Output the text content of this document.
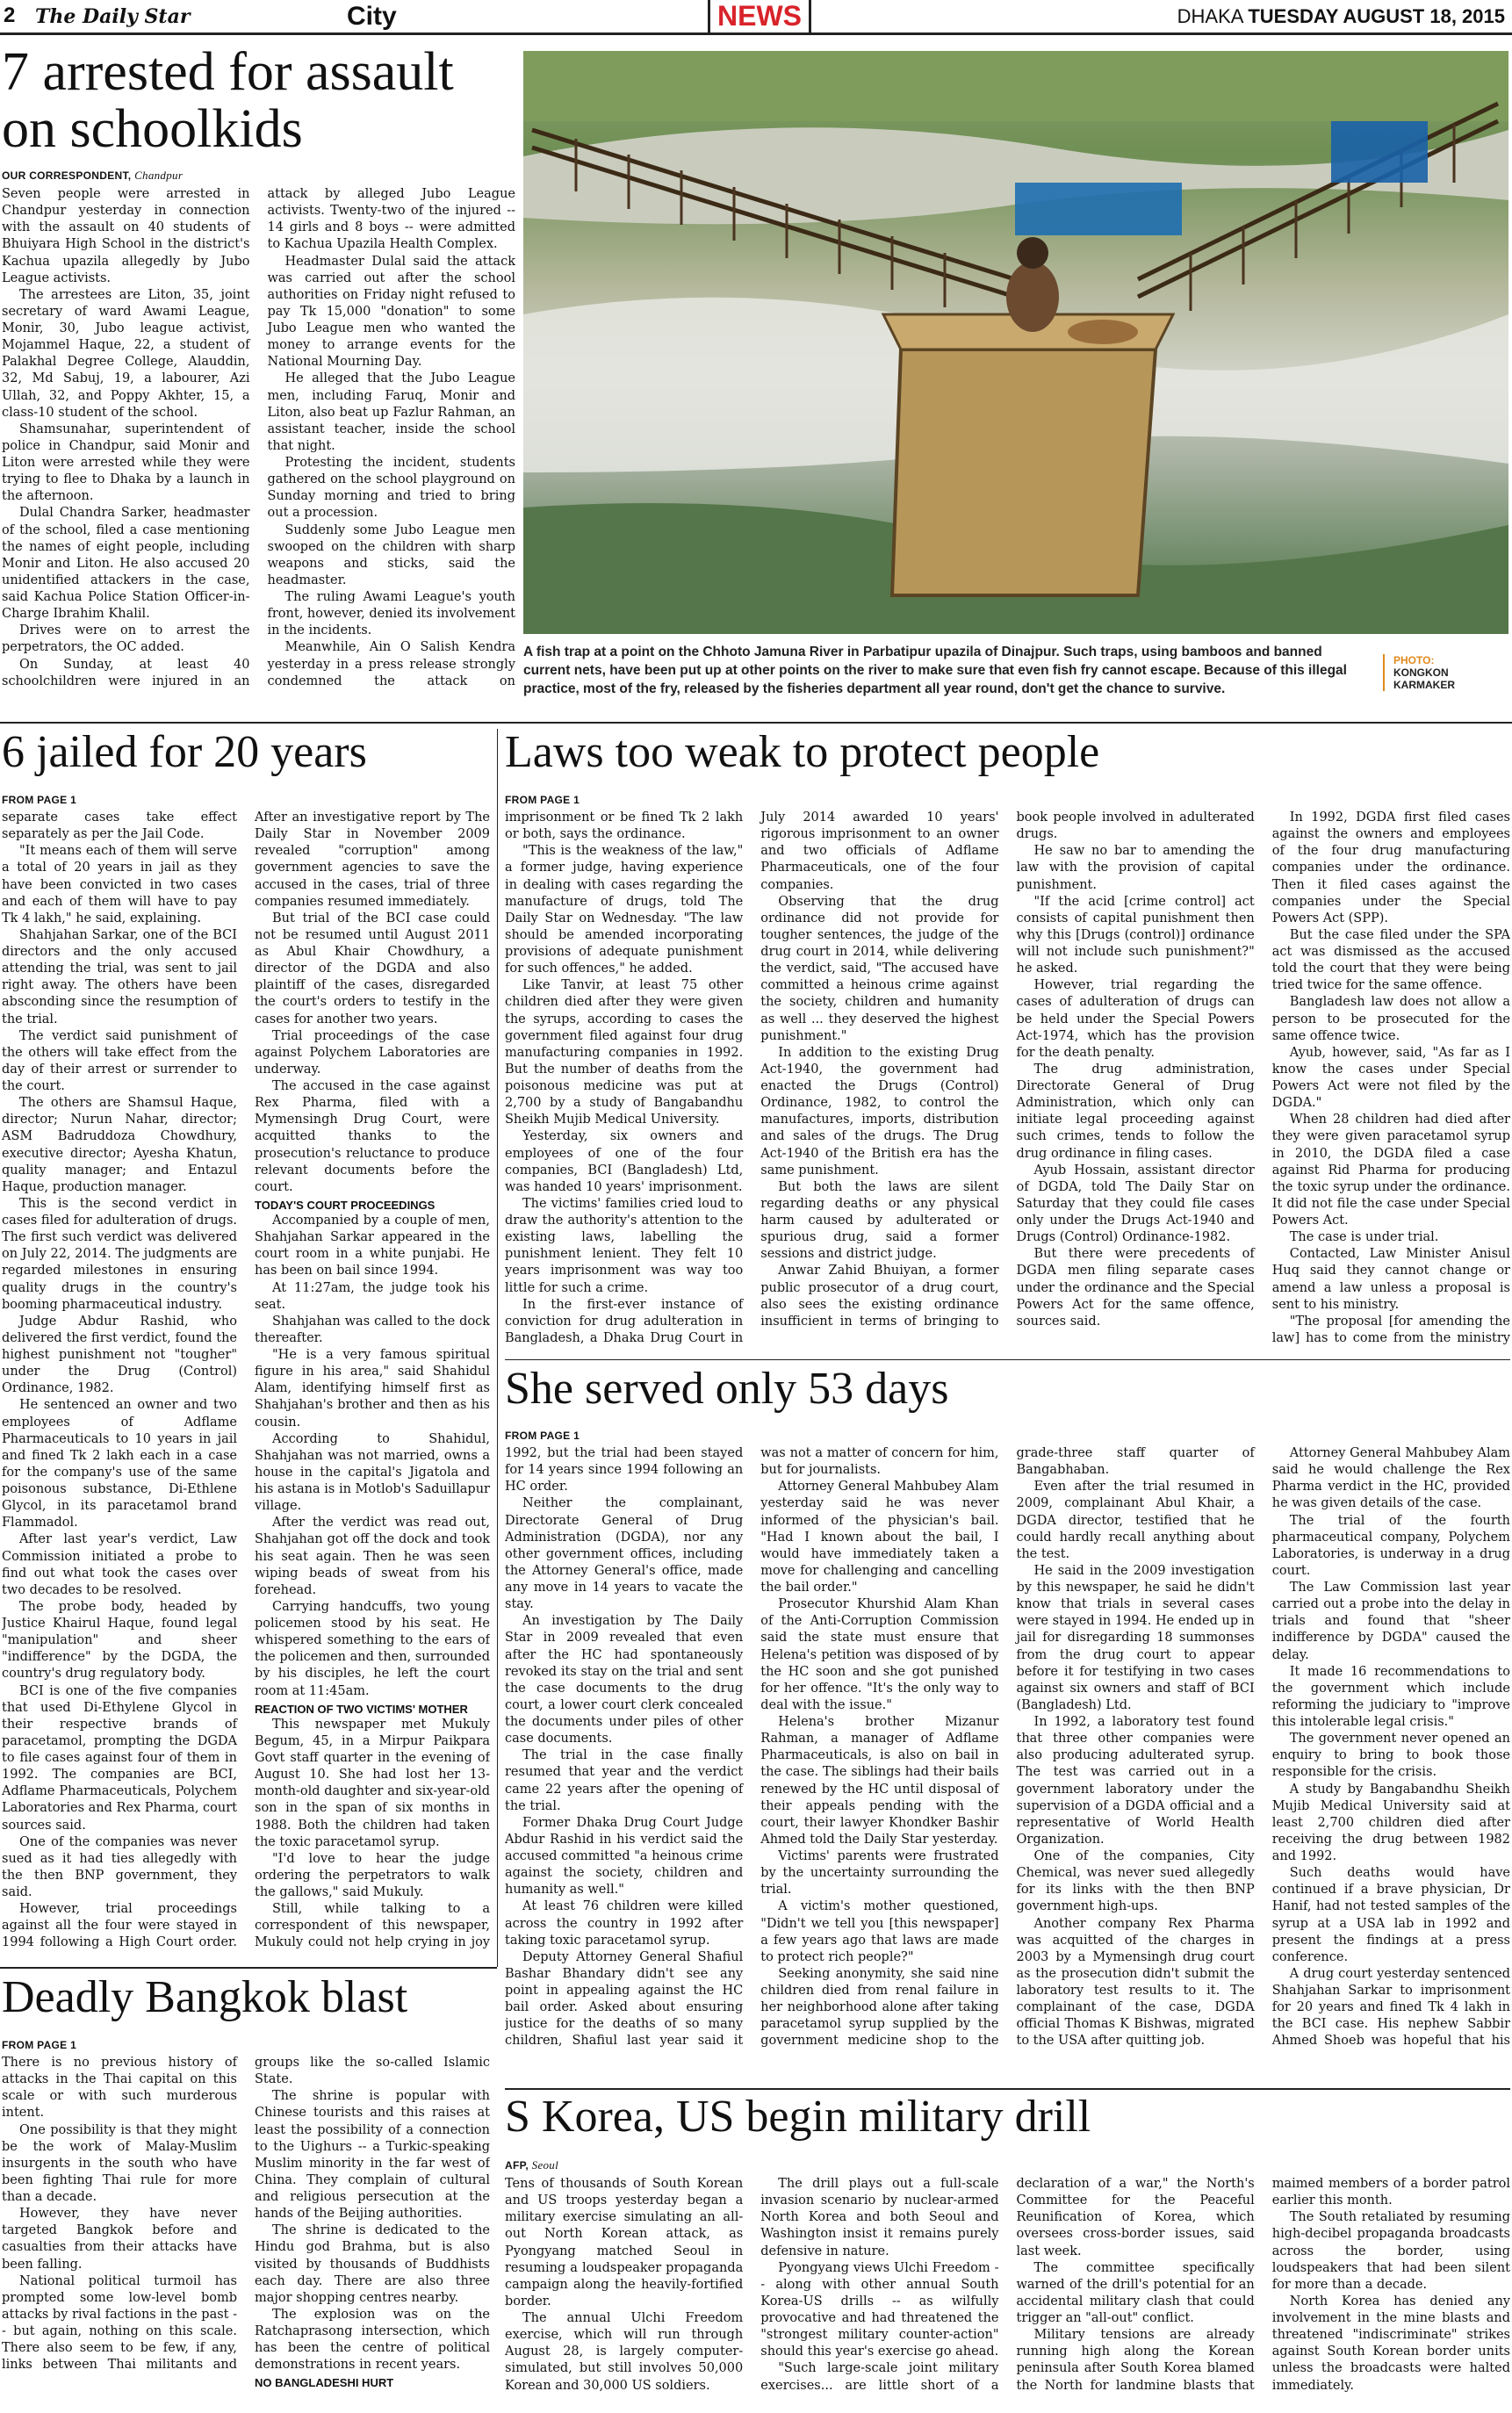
2 The Daily Star	City	NEWS	DHAKA TUESDAY AUGUST 18, 2015
7 arrested for assault on schoolkids
OUR CORRESPONDENT, Chandpur

Seven people were arrested in Chandpur yesterday in connection with the assault on 40 students of Bhuiyara High School in the district's Kachua upazila allegedly by Jubo League activists.

The arrestees are Liton, 35, joint secretary of ward Awami League, Monir, 30, Jubo league activist, Mojammel Haque, 22, a student of Palakhal Degree College, Alauddin, 32, Md Sabuj, 19, a labourer, Azi Ullah, 32, and Poppy Akhter, 15, a class-10 student of the school.

Shamsunahar, superintendent of police in Chandpur, said Monir and Liton were arrested while they were trying to flee to Dhaka by a launch in the afternoon.

Dulal Chandra Sarker, headmaster of the school, filed a case mentioning the names of eight people, including Monir and Liton. He also accused 20 unidentified attackers in the case, said Kachua Police Station Officer-in-Charge Ibrahim Khalil.

Drives were on to arrest the perpetrators, the OC added.

On Sunday, at least 40 schoolchildren were injured in an attack by alleged Jubo League activists. Twenty-two of the injured -- 14 girls and 8 boys -- were admitted to Kachua Upazila Health Complex.

Headmaster Dulal said the attack was carried out after the school authorities on Friday night refused to pay Tk 15,000 "donation" to some Jubo League men who wanted the money to arrange events for the National Mourning Day.

He alleged that the Jubo League men, including Faruq, Monir and Liton, also beat up Fazlur Rahman, an assistant teacher, inside the school that night.

Protesting the incident, students gathered on the school playground on Sunday morning and tried to bring out a procession.

Suddenly some Jubo League men swooped on the children with sharp weapons and sticks, said the headmaster.

The ruling Awami League's youth front, however, denied its involvement in the incidents.

Meanwhile, Ain O Salish Kendra yesterday in a press release strongly condemned the attack on

A fish trap at a point on the Chhoto Jamuna River in Parbatipur upazila of Dinajpur. Such traps, using bamboos and banned current nets, have been put up at other points on the river to make sure that even fish fry cannot escape. Because of this illegal practice, most of the fry, released by the fisheries department all year round, don't get the chance to survive.
PHOTO:
KONGKON KARMAKER
6 jailed for 20 years
FROM PAGE 1

separate cases take effect separately as per the Jail Code.

"It means each of them will serve a total of 20 years in jail as they have been convicted in two cases and each of them will have to pay Tk 4 lakh," he said, explaining.

Shahjahan Sarkar, one of the BCI directors and the only accused attending the trial, was sent to jail right away. The others have been absconding since the resumption of the trial.

The verdict said punishment of the others will take effect from the day of their arrest or surrender to the court.

The others are Shamsul Haque, director; Nurun Nahar, director; ASM Badruddoza Chowdhury, executive director; Ayesha Khatun, quality manager; and Entazul Haque, production manager.

This is the second verdict in cases filed for adulteration of drugs. The first such verdict was delivered on July 22, 2014. The judgments are regarded milestones in ensuring quality drugs in the country's booming pharmaceutical industry.

Judge Abdur Rashid, who delivered the first verdict, found the highest punishment not "tougher" under the Drug (Control) Ordinance, 1982.

He sentenced an owner and two employees of Adflame Pharmaceuticals to 10 years in jail and fined Tk 2 lakh each in a case for the company's use of the same poisonous substance, Di-Ethlene Glycol, in its paracetamol brand Flammadol.

After last year's verdict, Law Commission initiated a probe to find out what took the cases over two decades to be resolved.

The probe body, headed by Justice Khairul Haque, found legal "manipulation" and sheer "indifference" by the DGDA, the country's drug regulatory body.

BCI is one of the five companies that used Di-Ethylene Glycol in their respective brands of paracetamol, prompting the DGDA to file cases against four of them in 1992. The companies are BCI, Adflame Pharmaceuticals, Polychem Laboratories and Rex Pharma, court sources said.

One of the companies was never sued as it had ties allegedly with the then BNP government, they said.

However, trial proceedings against all the four were stayed in 1994 following a High Court order. After an investigative report by The Daily Star in November 2009 revealed "corruption" among government agencies to save the accused in the cases, trial of three companies resumed immediately.

But trial of the BCI case could not be resumed until August 2011 as Abul Khair Chowdhury, a director of the DGDA and also plaintiff of the cases, disregarded the court's orders to testify in the cases for another two years.

Trial proceedings of the case against Polychem Laboratories are underway.

The accused in the case against Rex Pharma, filed with a Mymensingh Drug Court, were acquitted thanks to the prosecution's reluctance to produce relevant documents before the court.

TODAY'S COURT PROCEEDINGS

Accompanied by a couple of men, Shahjahan Sarkar appeared in the court room in a white punjabi. He has been on bail since 1994.

At 11:27am, the judge took his seat.

Shahjahan was called to the dock thereafter.

"He is a very famous spiritual figure in his area," said Shahidul Alam, identifying himself first as Shahjahan's brother and then as his cousin.

According to Shahidul, Shahjahan was not married, owns a house in the capital's Jigatola and his astana is in Motlob's Saduillapur village.

After the verdict was read out, Shahjahan got off the dock and took his seat again. Then he was seen wiping beads of sweat from his forehead.

Carrying handcuffs, two young policemen stood by his seat. He whispered something to the ears of the policemen and then, surrounded by his disciples, he left the court room at 11:45am.

REACTION OF TWO VICTIMS' MOTHER

This newspaper met Mukuly Begum, 45, in a Mirpur Paikpara Govt staff quarter in the evening of August 10. She had lost her 13-month-old daughter and six-year-old son in the span of six months in 1988. Both the children had taken the toxic paracetamol syrup.

"I'd love to hear the judge ordering the perpetrators to walk the gallows," said Mukuly.

Still, while talking to a correspondent of this newspaper, Mukuly could not help crying in joy

Laws too weak to protect people
FROM PAGE 1

imprisonment or be fined Tk 2 lakh or both, says the ordinance.

"This is the weakness of the law," a former judge, having experience in dealing with cases regarding the manufacture of drugs, told The Daily Star on Wednesday. "The law should be amended incorporating provisions of adequate punishment for such offences," he added.

Like Tanvir, at least 75 other children died after they were given the syrups, according to cases the government filed against four drug manufacturing companies in 1992. But the number of deaths from the poisonous medicine was put at 2,700 by a study of Bangabandhu Sheikh Mujib Medical University.

Yesterday, six owners and employees of one of the four companies, BCI (Bangladesh) Ltd, was handed 10 years' imprisonment.

The victims' families cried loud to draw the authority's attention to the existing laws, labelling the punishment lenient. They felt 10 years imprisonment was way too little for such a crime.

In the first-ever instance of conviction for drug adulteration in Bangladesh, a Dhaka Drug Court in July 2014 awarded 10 years' rigorous imprisonment to an owner and two officials of Adflame Pharmaceuticals, one of the four companies.

Observing that the drug ordinance did not provide for tougher sentences, the judge of the drug court in 2014, while delivering the verdict, said, "The accused have committed a heinous crime against the society, children and humanity as well ... they deserved the highest punishment."

In addition to the existing Drug Act-1940, the government had enacted the Drugs (Control) Ordinance, 1982, to control the manufactures, imports, distribution and sales of the drugs. The Drug Act-1940 of the British era has the same punishment.

But both the laws are silent regarding deaths or any physical harm caused by adulterated or spurious drug, said a former sessions and district judge.

Anwar Zahid Bhuiyan, a former public prosecutor of a drug court, also sees the existing ordinance insufficient in terms of bringing to book people involved in adulterated drugs.

He saw no bar to amending the law with the provision of capital punishment.

"If the acid [crime control] act consists of capital punishment then why this [Drugs (control)] ordinance will not include such punishment?" he asked.

However, trial regarding the cases of adulteration of drugs can be held under the Special Powers Act-1974, which has the provision for the death penalty.

The drug administration, Directorate General of Drug Administration, which only can initiate legal proceeding against such crimes, tends to follow the drug ordinance in filing cases.

Ayub Hossain, assistant director of DGDA, told The Daily Star on Saturday that they could file cases only under the Drugs Act-1940 and Drugs (Control) Ordinance-1982.

But there were precedents of DGDA men filing separate cases under the ordinance and the Special Powers Act for the same offence, sources said.

In 1992, DGDA first filed cases against the owners and employees of the four drug manufacturing companies under the ordinance. Then it filed cases against the companies under the Special Powers Act (SPP).

But the case filed under the SPA act was dismissed as the accused told the court that they were being tried twice for the same offence.

Bangladesh law does not allow a person to be prosecuted for the same offence twice.

Ayub, however, said, "As far as I know the cases under Special Powers Act were not filed by the DGDA."

When 28 children had died after they were given paracetamol syrup in 2010, the DGDA filed a case against Rid Pharma for producing the toxic syrup under the ordinance. It did not file the case under Special Powers Act.

The case is under trial.

Contacted, Law Minister Anisul Huq said they cannot change or amend a law unless a proposal is sent to his ministry.

"The proposal [for amending the law] has to come from the ministry

She served only 53 days
FROM PAGE 1

1992, but the trial had been stayed for 14 years since 1994 following an HC order.

Neither the complainant, Directorate General of Drug Administration (DGDA), nor any other government offices, including the Attorney General's office, made any move in 14 years to vacate the stay.

An investigation by The Daily Star in 2009 revealed that even after the HC had spontaneously revoked its stay on the trial and sent the case documents to the drug court, a lower court clerk concealed the documents under piles of other case documents.

The trial in the case finally resumed that year and the verdict came 22 years after the opening of the trial.

Former Dhaka Drug Court Judge Abdur Rashid in his verdict said the accused committed "a heinous crime against the society, children and humanity as well."

At least 76 children were killed across the country in 1992 after taking toxic paracetamol syrup.

Deputy Attorney General Shafiul Bashar Bhandary didn't see any point in appealing against the HC bail order. Asked about ensuring justice for the deaths of so many children, Shafiul last year said it was not a matter of concern for him, but for journalists.

Attorney General Mahbubey Alam yesterday said he was never informed of the physician's bail. "Had I known about the bail, I would have immediately taken a move for challenging and cancelling the bail order."

Prosecutor Khurshid Alam Khan of the Anti-Corruption Commission said the state must ensure that Helena's petition was disposed of by the HC soon and she got punished for her offence. "It's the only way to deal with the issue."

Helena's brother Mizanur Rahman, a manager of Adflame Pharmaceuticals, is also on bail in the case. The siblings had their bails renewed by the HC until disposal of their appeals pending with the court, their lawyer Khondker Bashir Ahmed told the Daily Star yesterday.

Victims' parents were frustrated by the uncertainty surrounding the trial.

A victim's mother questioned, "Didn't we tell you [this newspaper] a few years ago that laws are made to protect rich people?"

Seeking anonymity, she said nine children died from renal failure in her neighborhood alone after taking paracetamol syrup supplied by the government medicine shop to the grade-three staff quarter of Bangabhaban.

Even after the trial resumed in 2009, complainant Abul Khair, a DGDA director, testified that he could hardly recall anything about the test.

He said in the 2009 investigation by this newspaper, he said he didn't know that trials in several cases were stayed in 1994. He ended up in jail for disregarding 18 summonses from the drug court to appear before it for testifying in two cases against six owners and staff of BCI (Bangladesh) Ltd.

In 1992, a laboratory test found that three other companies were also producing adulterated syrup. The test was carried out in a government laboratory under the supervision of a DGDA official and a representative of World Health Organization.

One of the companies, City Chemical, was never sued allegedly for its links with the then BNP government high-ups.

Another company Rex Pharma was acquitted of the charges in 2003 by a Mymensingh drug court as the prosecution didn't submit the laboratory test results to it. The complainant of the case, DGDA official Thomas K Bishwas, migrated to the USA after quitting job.

Attorney General Mahbubey Alam said he would challenge the Rex Pharma verdict in the HC, provided he was given details of the case.

The trial of the fourth pharmaceutical company, Polychem Laboratories, is underway in a drug court.

The Law Commission last year carried out a probe into the delay in trials and found that "sheer indifference by DGDA" caused the delay.

It made 16 recommendations to the government which include reforming the judiciary to "improve this intolerable legal crisis."

The government never opened an enquiry to bring to book those responsible for the crisis.

A study by Bangabandhu Sheikh Mujib Medical University said at least 2,700 children died after receiving the drug between 1982 and 1992.

Such deaths would have continued if a brave physician, Dr Hanif, had not tested samples of the syrup at a USA lab in 1992 and present the findings at a press conference.

A drug court yesterday sentenced Shahjahan Sarkar to imprisonment for 20 years and fined Tk 4 lakh in the BCI case. His nephew Sabbir Ahmed Shoeb was hopeful that his

Deadly Bangkok blast
FROM PAGE 1

There is no previous history of attacks in the Thai capital on this scale or with such murderous intent.

One possibility is that they might be the work of Malay-Muslim insurgents in the south who have been fighting Thai rule for more than a decade.

However, they have never targeted Bangkok before and casualties from their attacks have been falling.

National political turmoil has prompted some low-level bomb attacks by rival factions in the past -- but again, nothing on this scale. There also seem to be few, if any, links between Thai militants and groups like the so-called Islamic State.

The shrine is popular with Chinese tourists and this raises at least the possibility of a connection to the Uighurs -- a Turkic-speaking Muslim minority in the far west of China. They complain of cultural and religious persecution at the hands of the Beijing authorities.

The shrine is dedicated to the Hindu god Brahma, but is also visited by thousands of Buddhists each day. There are also three major shopping centres nearby.

The explosion was on the Ratchaprasong intersection, which has been the centre of political demonstrations in recent years.

NO BANGLADESHI HURT

S Korea, US begin military drill
AFP, Seoul

Tens of thousands of South Korean and US troops yesterday began a military exercise simulating an all-out North Korean attack, as Pyongyang matched Seoul in resuming a loudspeaker propaganda campaign along the heavily-fortified border.

The annual Ulchi Freedom exercise, which will run through August 28, is largely computer-simulated, but still involves 50,000 Korean and 30,000 US soldiers.

The drill plays out a full-scale invasion scenario by nuclear-armed North Korea and both Seoul and Washington insist it remains purely defensive in nature.

Pyongyang views Ulchi Freedom -- along with other annual South Korea-US drills -- as wilfully provocative and had threatened the "strongest military counter-action" should this year's exercise go ahead.

"Such large-scale joint military exercises... are little short of a declaration of a war," the North's Committee for the Peaceful Reunification of Korea, which oversees cross-border issues, said last week.

The committee specifically warned of the drill's potential for an accidental military clash that could trigger an "all-out" conflict.

Military tensions are already running high along the Korean peninsula after South Korea blamed the North for landmine blasts that maimed members of a border patrol earlier this month.

The South retaliated by resuming high-decibel propaganda broadcasts across the border, using loudspeakers that had been silent for more than a decade.

North Korea has denied any involvement in the mine blasts and threatened "indiscriminate" strikes against South Korean border units unless the broadcasts were halted immediately.
